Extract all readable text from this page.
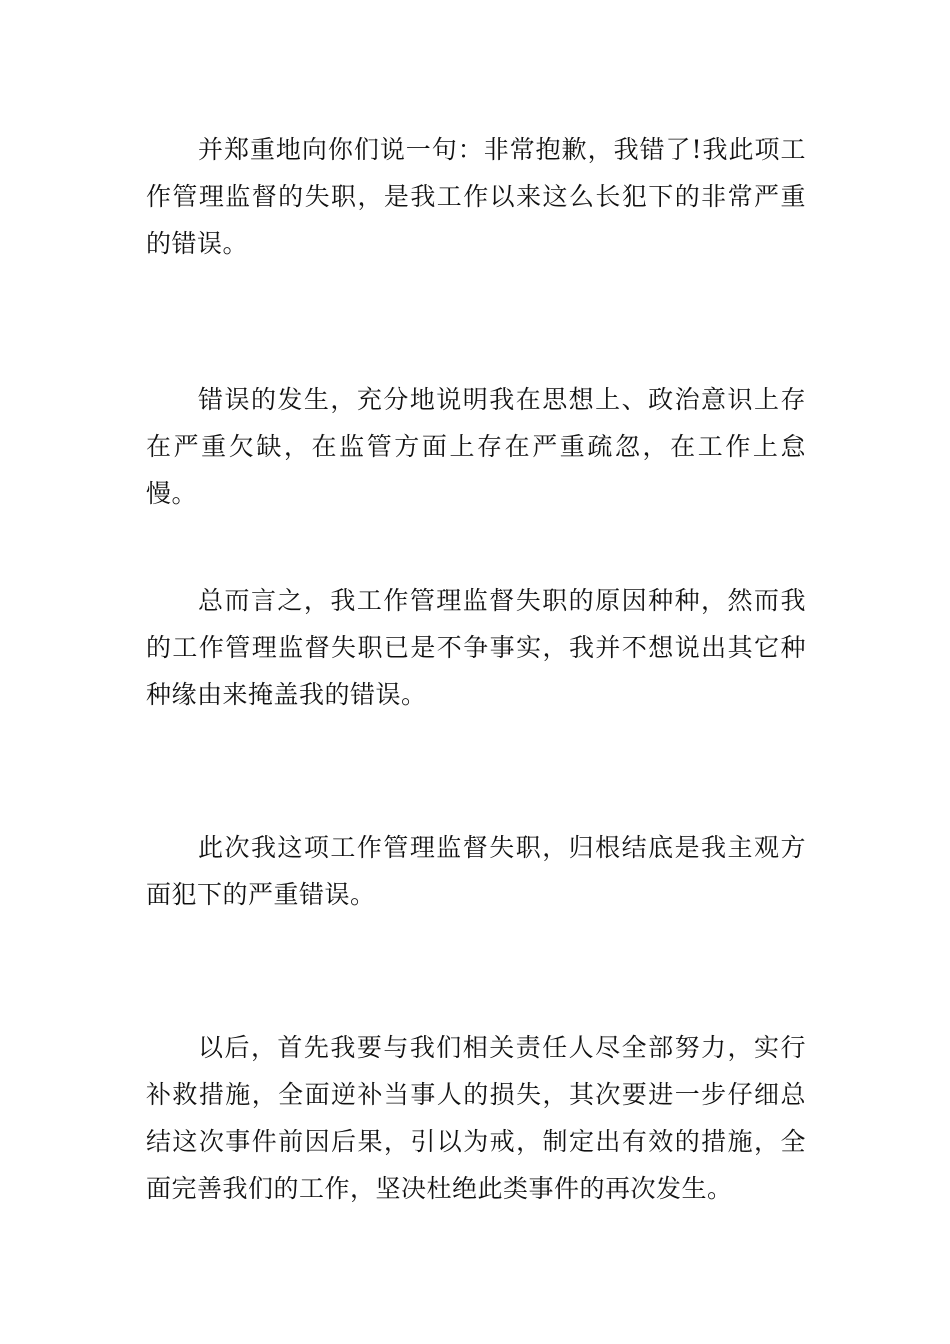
并郑重地向你们说一句：非常抱歉，我错了!我此项工作管理监督的失职，是我工作以来这么长犯下的非常严重的错误。

错误的发生，充分地说明我在思想上、政治意识上存在严重欠缺，在监管方面上存在严重疏忽，在工作上怠慢。

总而言之，我工作管理监督失职的原因种种，然而我的工作管理监督失职已是不争事实，我并不想说出其它种种缘由来掩盖我的错误。

此次我这项工作管理监督失职，归根结底是我主观方面犯下的严重错误。

以后，首先我要与我们相关责任人尽全部努力，实行补救措施，全面逆补当事人的损失，其次要进一步仔细总结这次事件前因后果，引以为戒，制定出有效的措施，全面完善我们的工作，坚决杜绝此类事件的再次发生。
